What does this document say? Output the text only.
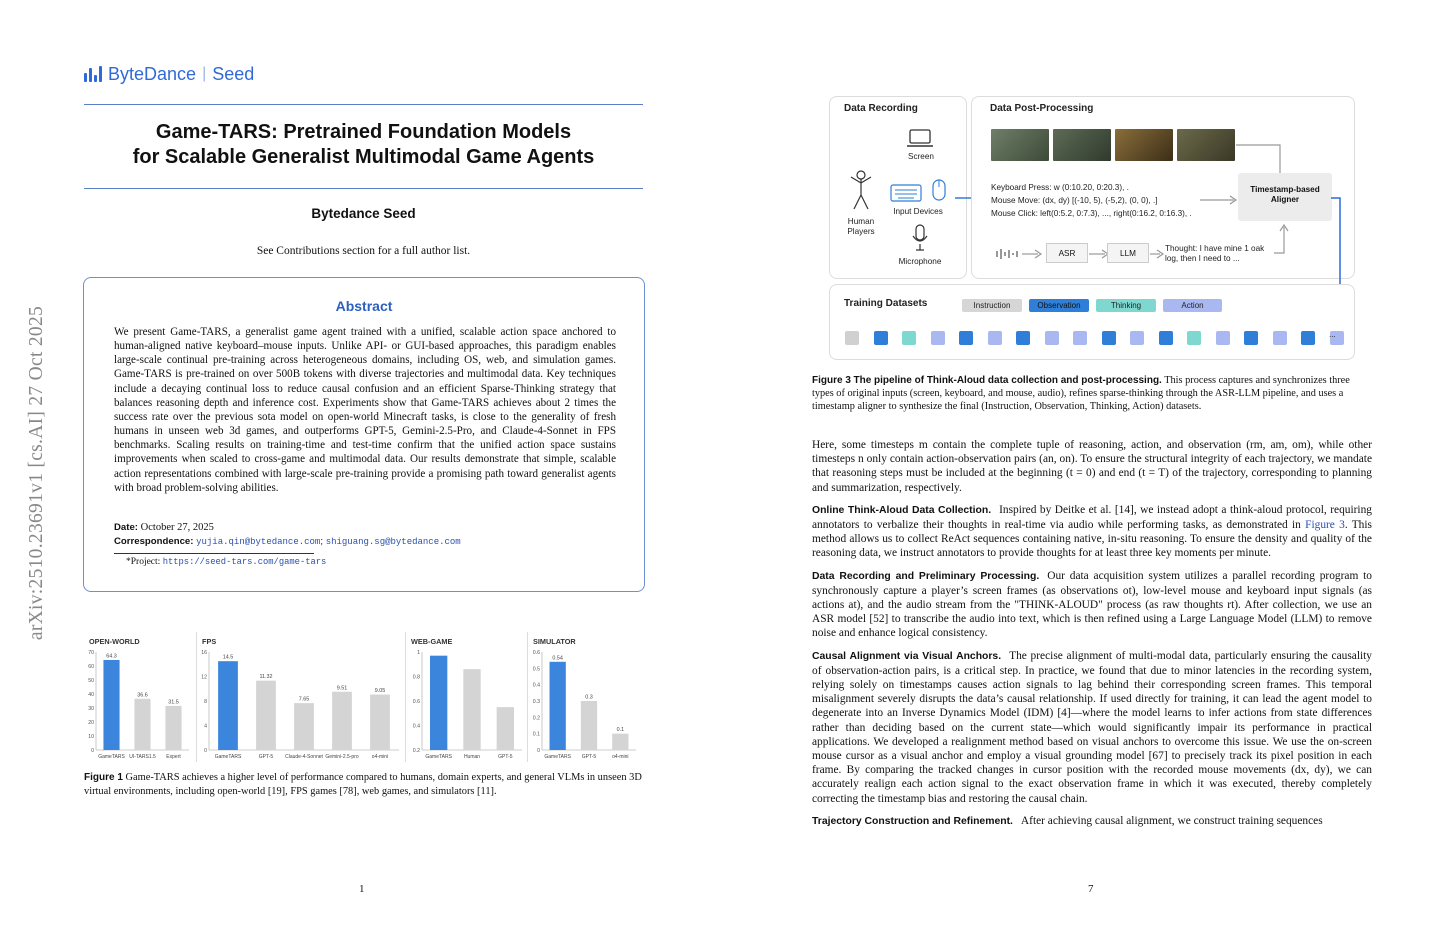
arXiv:2510.23691v1 [cs.AI] 27 Oct 2025
ByteDance | Seed
Game-TARS: Pretrained Foundation Models
for Scalable Generalist Multimodal Game Agents
Bytedance Seed
See Contributions section for a full author list.
Abstract
We present Game-TARS, a generalist game agent trained with a unified, scalable action space anchored to human-aligned native keyboard–mouse inputs. Unlike API- or GUI-based approaches, this paradigm enables large-scale continual pre-training across heterogeneous domains, including OS, web, and simulation games. Game-TARS is pre-trained on over 500B tokens with diverse trajectories and multimodal data. Key techniques include a decaying continual loss to reduce causal confusion and an efficient Sparse-Thinking strategy that balances reasoning depth and inference cost. Experiments show that Game-TARS achieves about 2 times the success rate over the previous sota model on open-world Minecraft tasks, is close to the generality of fresh humans in unseen web 3d games, and outperforms GPT-5, Gemini-2.5-Pro, and Claude-4-Sonnet in FPS benchmarks. Scaling results on training-time and test-time confirm that the unified action space sustains improvements when scaled to cross-game and multimodal data. Our results demonstrate that simple, scalable action representations combined with large-scale pre-training provide a promising path toward generalist agents with broad problem-solving abilities.
Date: October 27, 2025
Correspondence: yujia.qin@bytedance.com; shiguang.sg@bytedance.com
*Project: https://seed-tars.com/game-tars
OPEN-WORLD
0
10
20
30
40
50
60
70
64.3
GameTARS
36.6
UI-TARS1.5
31.5
Expert
FPS
0
4
8
12
16
14.5
GameTARS
11.32
GPT-5
7.65
Claude-4-Sonnet
9.51
Gemini-2.5-pro
9.05
o4-mini
WEB-GAME
0.2
0.4
0.6
0.8
1
GameTARS Human	GPT-5
SIMULATOR
0
0.1
0.2
0.3
0.4
0.5
0.6
0.54
GameTARS
0.3
GPT-5
0.1
o4-mini
Figure 1 Game-TARS achieves a higher level of performance compared to humans, domain experts, and general VLMs in unseen 3D virtual environments, including open-world [19], FPS games [78], web games, and simulators [11].
1
Data Recording
Screen
Human Players
Input Devices
Microphone
Data Post-Processing
Keyboard Press: w (0:10.20, 0:20.3), .
Mouse Move: (dx, dy) [(-10, 5), (-5,2), (0, 0), .]
Mouse Click: left(0:5.2, 0:7.3), ..., right(0:16.2, 0:16.3), .
Timestamp-based Aligner
ASR	LLM
Thought: I have mine 1 oak log, then I need to ...
Training Datasets	Instruction	Observation	Thinking	Action
...
Figure 3 The pipeline of Think-Aloud data collection and post-processing. This process captures and synchronizes three types of original inputs (screen, keyboard, and mouse, audio), refines sparse-thinking through the ASR-LLM pipeline, and uses a timestamp aligner to synthesize the final (Instruction, Observation, Thinking, Action) datasets.

Here, some timesteps m contain the complete tuple of reasoning, action, and observation (rm, am, om), while other timesteps n only contain action-observation pairs (an, on). To ensure the structural integrity of each trajectory, we mandate that reasoning steps must be included at the beginning (t = 0) and end (t = T) of the trajectory, corresponding to planning and summarization, respectively.

Online Think-Aloud Data Collection. Inspired by Deitke et al. [14], we instead adopt a think-aloud protocol, requiring annotators to verbalize their thoughts in real-time via audio while performing tasks, as demonstrated in Figure 3. This method allows us to collect ReAct sequences containing native, in-situ reasoning. To ensure the density and quality of the reasoning data, we instruct annotators to provide thoughts for at least three key moments per minute.

Data Recording and Preliminary Processing. Our data acquisition system utilizes a parallel recording program to synchronously capture a player’s screen frames (as observations ot), low-level mouse and keyboard input signals (as actions at), and the audio stream from the "THINK-ALOUD" process (as raw thoughts rt). After collection, we use an ASR model [52] to transcribe the audio into text, which is then refined using a Large Language Model (LLM) to remove noise and enhance logical consistency.

Causal Alignment via Visual Anchors. The precise alignment of multi-modal data, particularly ensuring the causality of observation-action pairs, is a critical step. In practice, we found that due to minor latencies in the recording system, relying solely on timestamps causes action signals to lag behind their corresponding screen frames. This temporal misalignment severely disrupts the data’s causal relationship. If used directly for training, it can lead the agent model to degenerate into an Inverse Dynamics Model (IDM) [4]—where the model learns to infer actions from state differences rather than deciding based on the current state—which would significantly impair its performance in practical applications. We developed a realignment method based on visual anchors to overcome this issue. We use the on-screen mouse cursor as a visual anchor and employ a visual grounding model [67] to precisely track its pixel position in each frame. By comparing the tracked changes in cursor position with the recorded mouse movements (dx, dy), we can accurately realign each action signal to the exact observation frame in which it was executed, thereby completely correcting the timestamp bias and restoring the causal chain.

Trajectory Construction and Refinement. After achieving causal alignment, we construct training sequences

7
